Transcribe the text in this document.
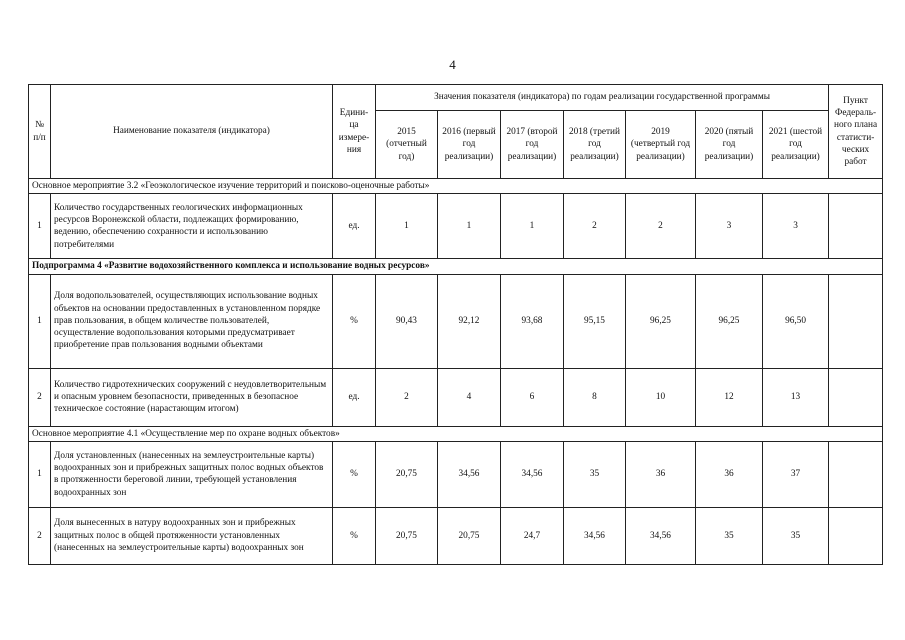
4
№ п/п	Наименование показателя (индикатора)	Едини-ца измере-ния	Значения показателя (индикатора) по годам реализации государственной программы							Пункт Федераль-ного плана статисти-ческих работ
			2015 (отчетный год)	2016 (первый год реализации)	2017 (второй год реализации)	2018 (третий год реализации)	2019 (четвертый год реализации)	2020 (пятый год реализации)	2021 (шестой год реализации)	
Основное мероприятие 3.2 «Геоэкологическое изучение территорий и поисково-оценочные работы»										
1	Количество государственных геологических информационных ресурсов Воронежской области, подлежащих формированию, ведению, обеспечению сохранности и использованию потребителями	ед.	1	1	1	2	2	3	3	
Подпрограмма 4 «Развитие водохозяйственного комплекса и использование водных ресурсов»										
1	Доля водопользователей, осуществляющих использование водных объектов на основании предоставленных в установленном порядке прав пользования, в общем количестве пользователей, осуществление водопользования которыми предусматривает приобретение прав пользования водными объектами	%	90,43	92,12	93,68	95,15	96,25	96,25	96,50	
2	Количество гидротехнических сооружений с неудовлетворительным и опасным уровнем безопасности, приведенных в безопасное техническое состояние (нарастающим итогом)	ед.	2	4	6	8	10	12	13	
Основное мероприятие 4.1 «Осуществление мер по охране водных объектов»										
1	Доля установленных (нанесенных на землеустроительные карты) водоохранных зон и прибрежных защитных полос водных объектов в протяженности береговой линии, требующей установления водоохранных зон	%	20,75	34,56	34,56	35	36	36	37	
2	Доля вынесенных в натуру водоохранных зон и прибрежных защитных полос в общей протяженности установленных (нанесенных на землеустроительные карты) водоохранных зон	%	20,75	20,75	24,7	34,56	34,56	35	35	
